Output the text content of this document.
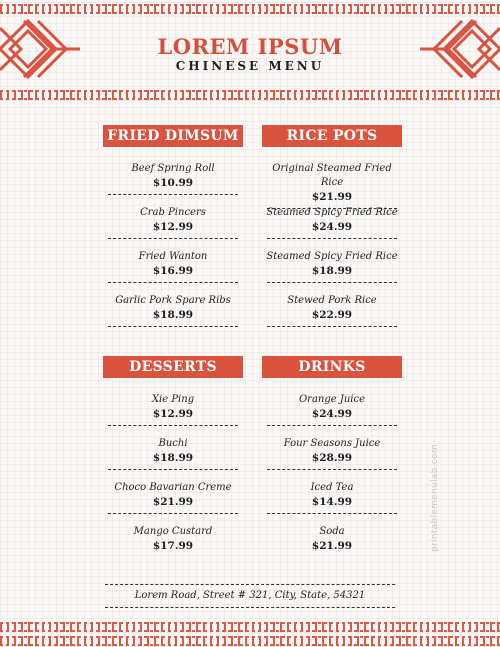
LOREM IPSUM
CHINESE MENU
FRIED DIMSUM
Beef Spring Roll
$10.99
Crab Pincers
$12.99
Fried Wanton
$16.99
Garlic Pork Spare Ribs
$18.99
RICE POTS
Original Steamed Fried Rice
$21.99
Steamed Spicy Fried Rice
$24.99
Steamed Spicy Fried Rice
$18.99
Stewed Pork Rice
$22.99
DESSERTS
Xie Ping
$12.99
Buchi
$18.99
Choco Bavarian Creme
$21.99
Mango Custard
$17.99
DRINKS
Orange Juice
$24.99
Four Seasons Juice
$28.99
Iced Tea
$14.99
Soda
$21.99
Lorem Road, Street # 321, City, State, 54321
printablemenulab.com
